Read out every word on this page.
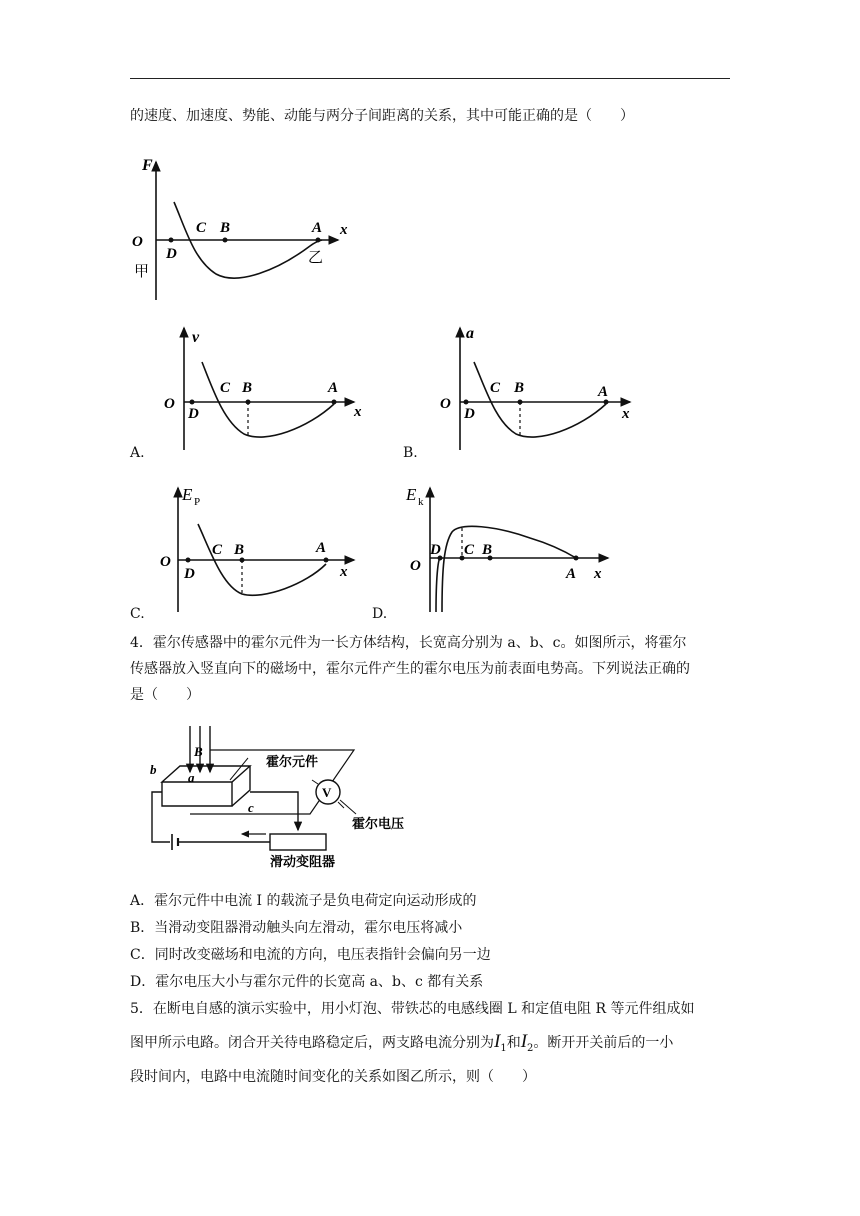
的速度、加速度、势能、动能与两分子间距离的关系，其中可能正确的是（　　）
F
O
D
C B	A x
乙
甲
v
O
D
C B	A
x
A.
a
O
D
C B	A
x
B.
E P
O
D
C B	A
x
C.
E k
O
D C B
A x
D.
4．霍尔传感器中的霍尔元件为一长方体结构，长宽高分别为 a、b、c。如图所示，将霍尔
传感器放入竖直向下的磁场中，霍尔元件产生的霍尔电压为前表面电势高。下列说法正确的
是（　　）
V
B
b
a
c
霍尔元件
霍尔电压
滑动变阻器
A．霍尔元件中电流 I 的载流子是负电荷定向运动形成的
B．当滑动变阻器滑动触头向左滑动，霍尔电压将减小
C．同时改变磁场和电流的方向，电压表指针会偏向另一边
D．霍尔电压大小与霍尔元件的长宽高 a、b、c 都有关系
5．在断电自感的演示实验中，用小灯泡、带铁芯的电感线圈 L 和定值电阻 R 等元件组成如
图甲所示电路。闭合开关待电路稳定后，两支路电流分别为$I_1$和$I_2$。断开开关前后的一小
段时间内，电路中电流随时间变化的关系如图乙所示，则（　　）
